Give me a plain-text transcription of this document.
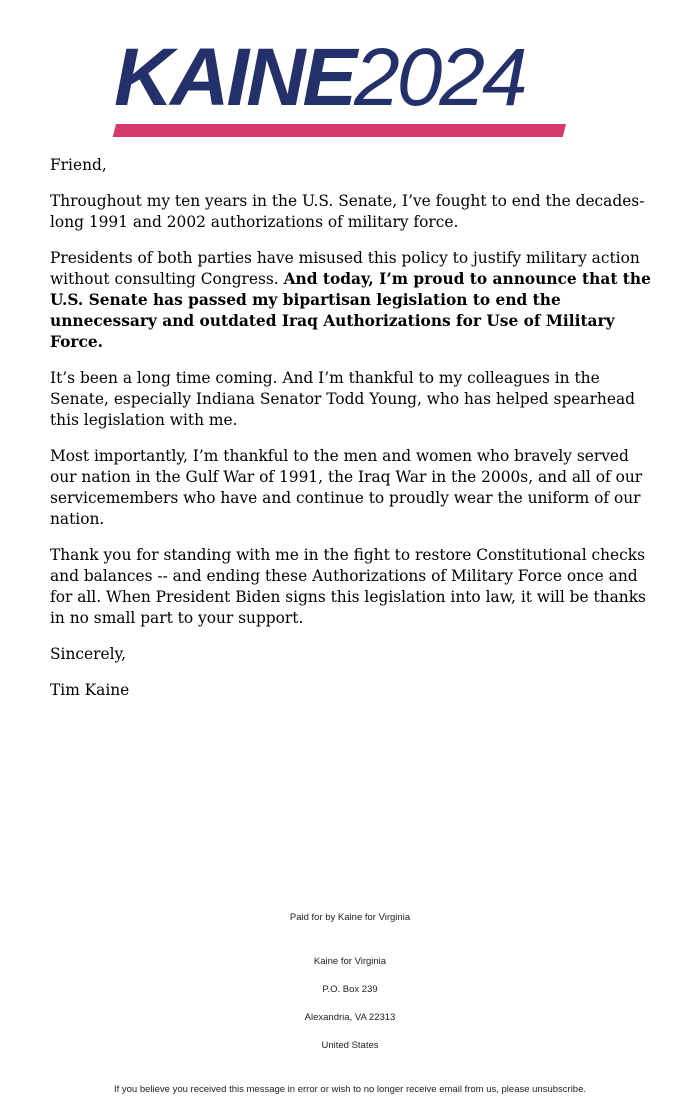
KAINE2024

Friend,

Throughout my ten years in the U.S. Senate, I’ve fought to end the decades-long 1991 and 2002 authorizations of military force.

Presidents of both parties have misused this policy to justify military action without consulting Congress. And today, I’m proud to announce that the U.S. Senate has passed my bipartisan legislation to end the unnecessary and outdated Iraq Authorizations for Use of Military Force.

It’s been a long time coming. And I’m thankful to my colleagues in the Senate, especially Indiana Senator Todd Young, who has helped spearhead this legislation with me.

Most importantly, I’m thankful to the men and women who bravely served our nation in the Gulf War of 1991, the Iraq War in the 2000s, and all of our servicemembers who have and continue to proudly wear the uniform of our nation.

Thank you for standing with me in the fight to restore Constitutional checks and balances -- and ending these Authorizations of Military Force once and for all. When President Biden signs this legislation into law, it will be thanks in no small part to your support.

Sincerely,

Tim Kaine

Paid for by Kaine for Virginia
Kaine for Virginia
P.O. Box 239
Alexandria, VA 22313
United States
If you believe you received this message in error or wish to no longer receive email from us, please unsubscribe.
